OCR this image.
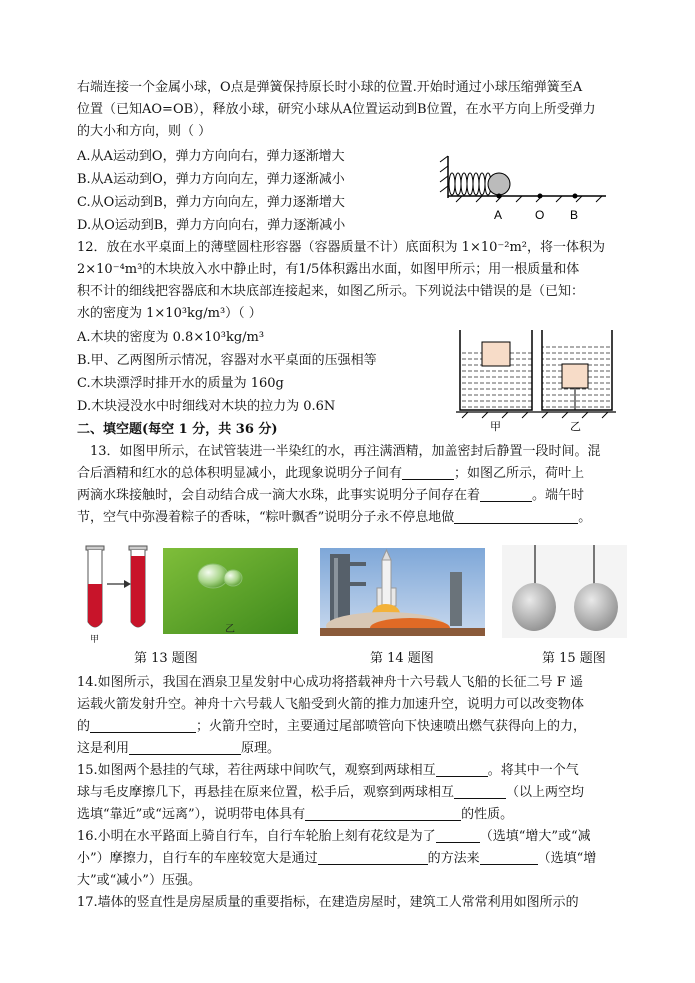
右端连接一个金属小球，O点是弹簧保持原长时小球的位置.开始时通过小球压缩弹簧至A
位置（已知AO=OB），释放小球，研究小球从A位置运动到B位置，在水平方向上所受弹力
的大小和方向，则（ ）
A.从A运动到O，弹力方向向右，弹力逐渐增大
B.从A运动到O，弹力方向向左，弹力逐渐减小
C.从O运动到B，弹力方向向左，弹力逐渐增大
D.从O运动到B，弹力方向向右，弹力逐渐减小
A	O B
12．放在水平桌面上的薄壁圆柱形容器（容器质量不计）底面积为 1×10⁻²m²，将一体积为
2×10⁻⁴m³的木块放入水中静止时，有1/5体积露出水面，如图甲所示；用一根质量和体
积不计的细线把容器底和木块底部连接起来，如图乙所示。下列说法中错误的是（已知：
水的密度为 1×10³kg/m³）（ ）
A.木块的密度为 0.8×10³kg/m³
B.甲、乙两图所示情况，容器对水平桌面的压强相等
C.木块漂浮时排开水的质量为 160g
D.木块浸没水中时细线对木块的拉力为 0.6N
甲	乙
二、填空题(每空 1 分，共 36 分)
13．如图甲所示，在试管装进一半染红的水，再注满酒精，加盖密封后静置一段时间。混
合后酒精和红水的总体积明显减小，此现象说明分子间有	；如图乙所示，荷叶上
两滴水珠接触时，会自动结合成一滴大水珠，此事实说明分子间存在着	。端午时
节，空气中弥漫着粽子的香味，“粽叶飘香”说明分子永不停息地做	。
甲
乙
第 13 题图	第 14 题图	第 15 题图
14.如图所示，我国在酒泉卫星发射中心成功将搭载神舟十六号载人飞船的长征二号 F 遥
运载火箭发射升空。神舟十六号载人飞船受到火箭的推力加速升空，说明力可以改变物体
的	；火箭升空时，主要通过尾部喷管向下快速喷出燃气获得向上的力，
这是利用	原理。
15.如图两个悬挂的气球，若往两球中间吹气，观察到两球相互	。将其中一个气
球与毛皮摩擦几下，再悬挂在原来位置，松手后，观察到两球相互	（以上两空均
选填“靠近”或“远离”），说明带电体具有	的性质。
16.小明在水平路面上骑自行车，自行车轮胎上刻有花纹是为了	（选填“增大”或“减
小”）摩擦力，自行车的车座较宽大是通过	的方法来	（选填“增
大”或“减小”）压强。
17.墙体的竖直性是房屋质量的重要指标，在建造房屋时，建筑工人常常利用如图所示的
